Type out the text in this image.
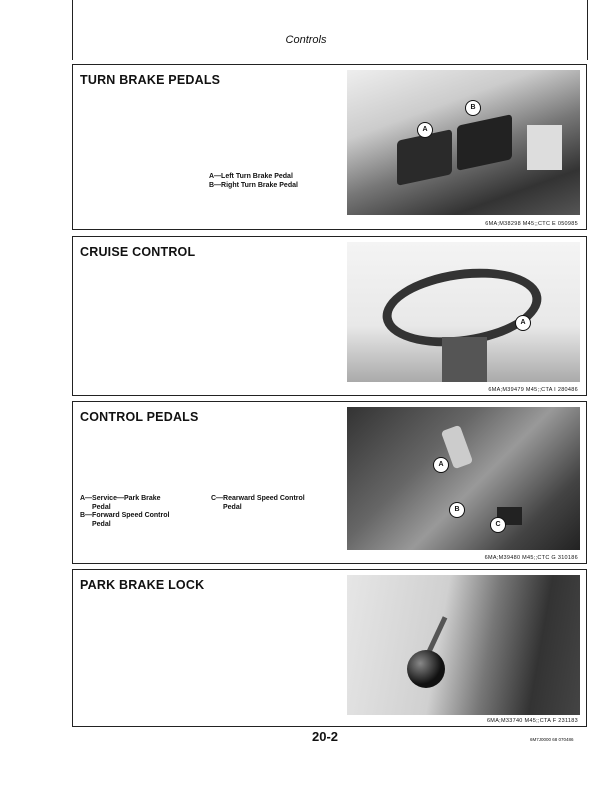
Controls
TURN BRAKE PEDALS
A—Left Turn Brake Pedal
B—Right Turn Brake Pedal
A
B
6MA;M38298 M45;;CTC E 050985
CRUISE CONTROL
A
6MA;M39479 M45;;CTA I 280486
CONTROL PEDALS
A—Service—Park Brake
Pedal
B—Forward Speed Control
Pedal
C—Rearward Speed Control
Pedal
A
B
C
6MA;M39480 M45;;CTC G 310186
PARK BRAKE LOCK
6MA;M33740 M45;;CTA F 231183
20-2	6M7J0000 68 070486
